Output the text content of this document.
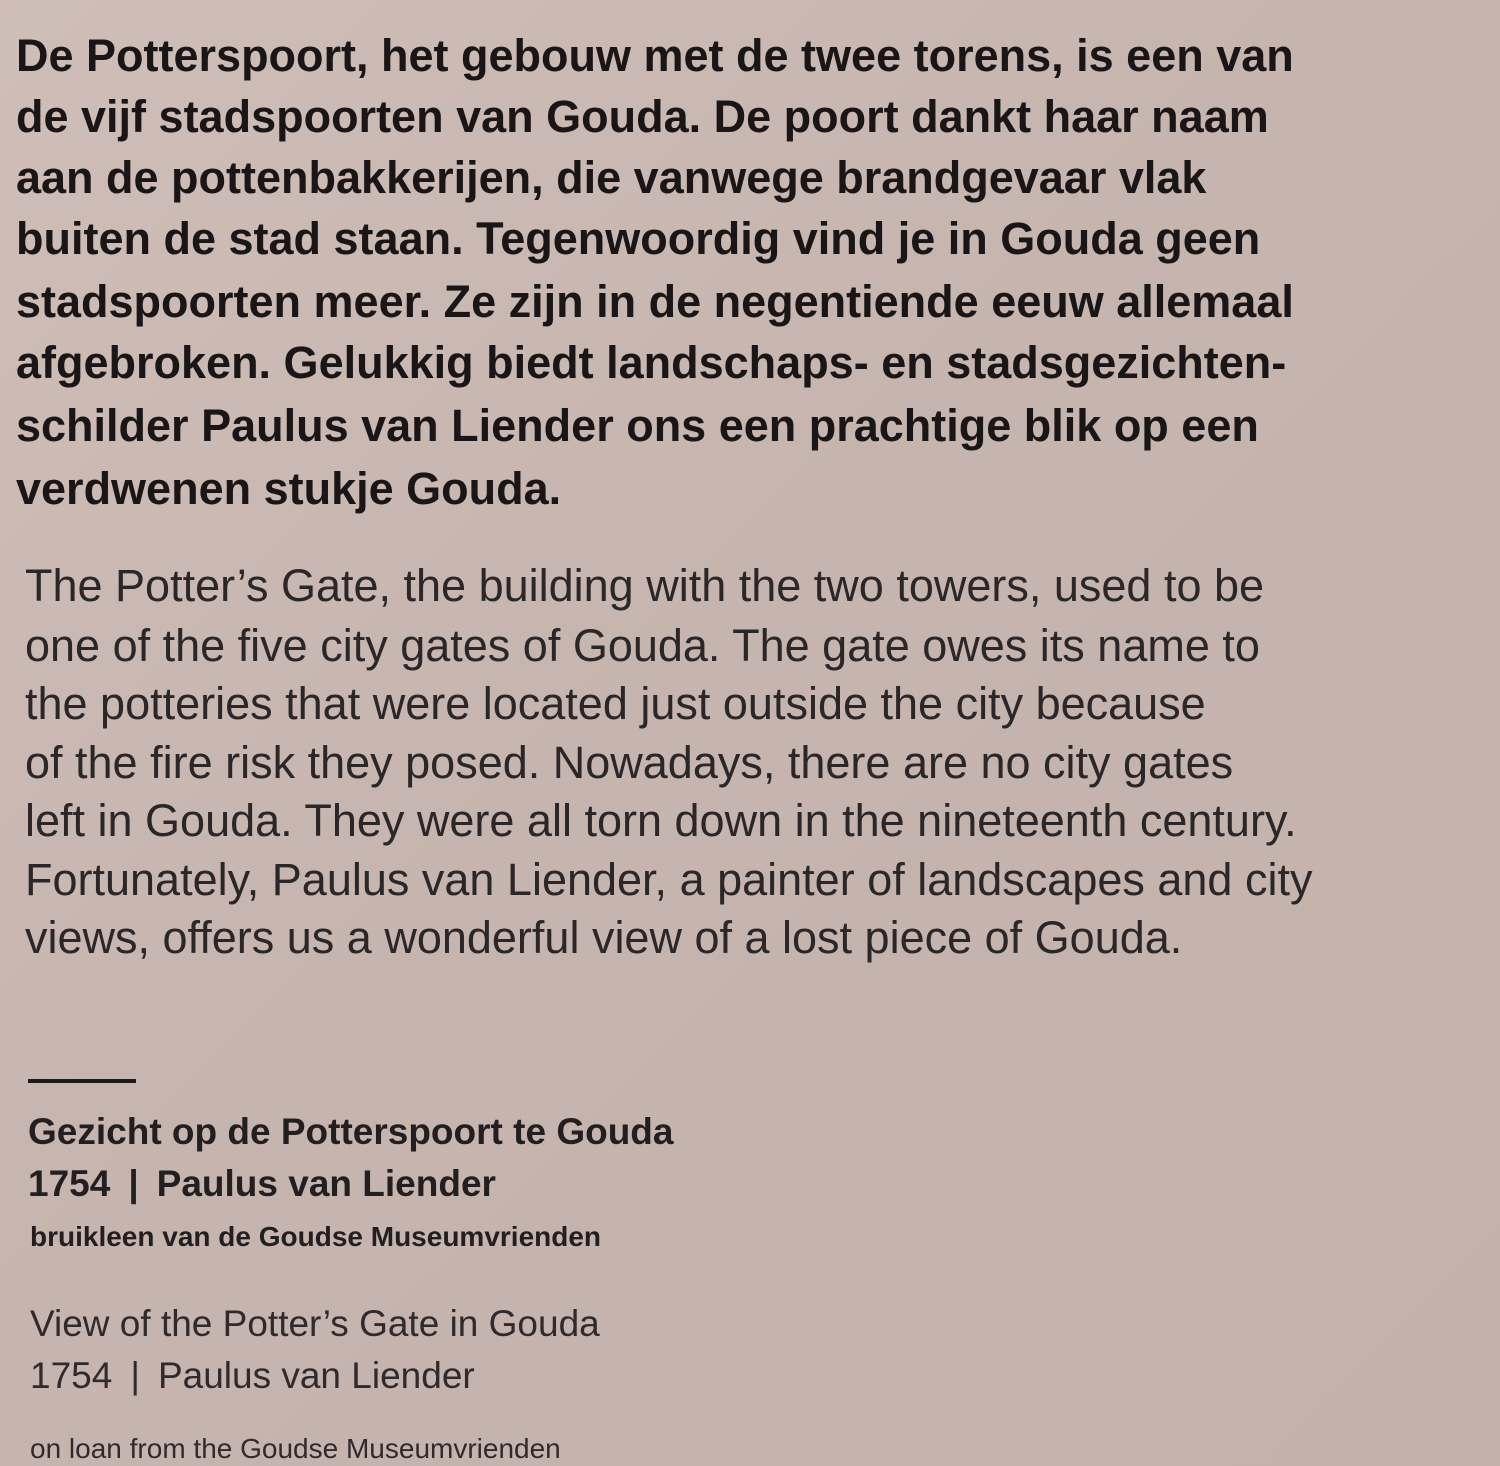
De Potterspoort, het gebouw met de twee torens, is een van
de vijf stadspoorten van Gouda. De poort dankt haar naam
aan de pottenbakkerijen, die vanwege brandgevaar vlak
buiten de stad staan. Tegenwoordig vind je in Gouda geen
stadspoorten meer. Ze zijn in de negentiende eeuw allemaal
afgebroken. Gelukkig biedt landschaps- en stadsgezichten-
schilder Paulus van Liender ons een prachtige blik op een
verdwenen stukje Gouda.
The Potter’s Gate, the building with the two towers, used to be
one of the five city gates of Gouda. The gate owes its name to
the potteries that were located just outside the city because
of the fire risk they posed. Nowadays, there are no city gates
left in Gouda. They were all torn down in the nineteenth century.
Fortunately, Paulus van Liender, a painter of landscapes and city
views, offers us a wonderful view of a lost piece of Gouda.
Gezicht op de Potterspoort te Gouda
1754 | Paulus van Liender
bruikleen van de Goudse Museumvrienden
View of the Potter’s Gate in Gouda
1754 | Paulus van Liender
on loan from the Goudse Museumvrienden
